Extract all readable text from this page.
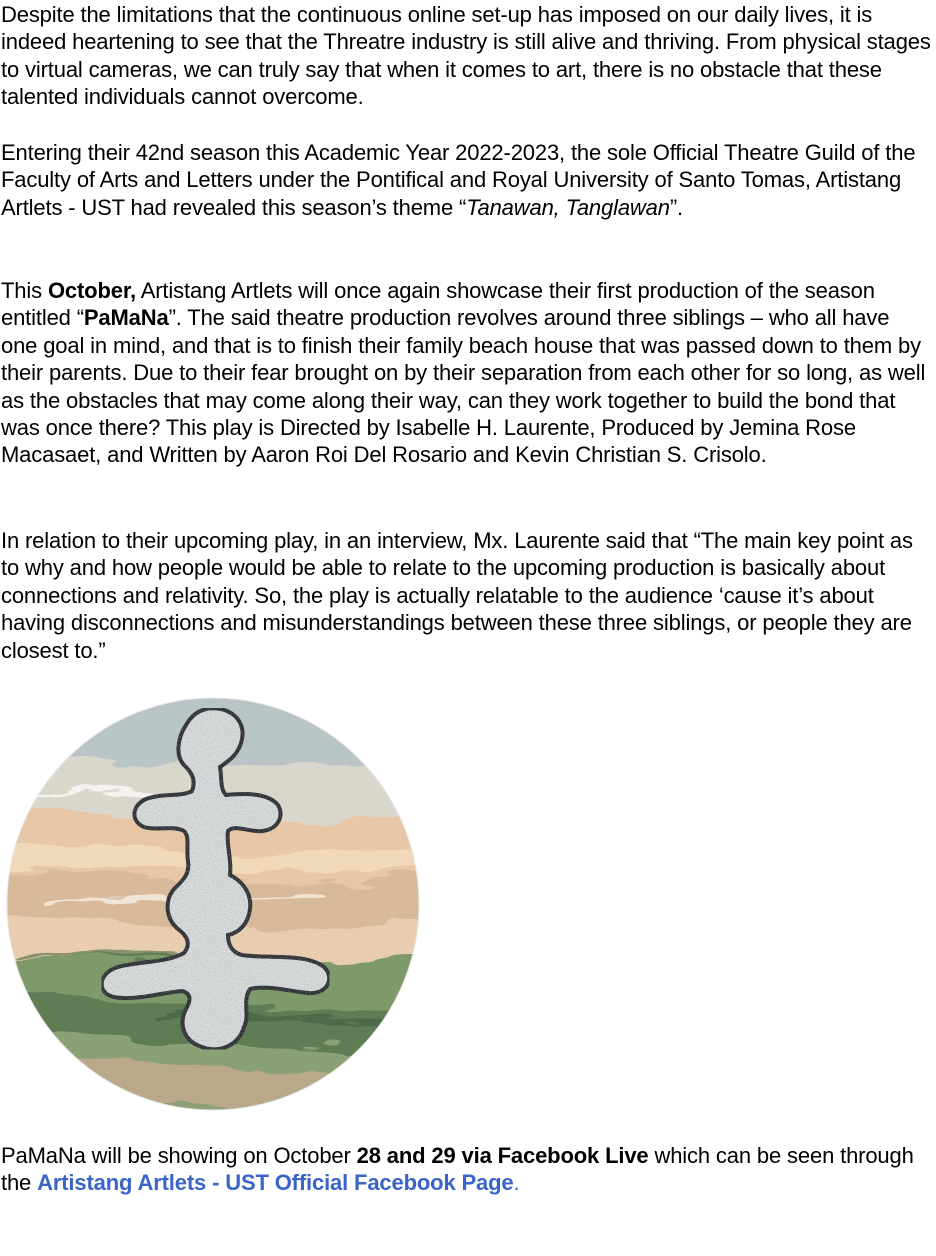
Despite the limitations that the continuous online set-up has imposed on our daily lives, it is indeed heartening to see that the Threatre industry is still alive and thriving. From physical stages to virtual cameras, we can truly say that when it comes to art, there is no obstacle that these talented individuals cannot overcome.

Entering their 42nd season this Academic Year 2022-2023, the sole Official Theatre Guild of the Faculty of Arts and Letters under the Pontifical and Royal University of Santo Tomas, Artistang Artlets - UST had revealed this season’s theme “Tanawan, Tanglawan”.

This October, Artistang Artlets will once again showcase their first production of the season entitled “PaMaNa”. The said theatre production revolves around three siblings – who all have one goal in mind, and that is to finish their family beach house that was passed down to them by their parents. Due to their fear brought on by their separation from each other for so long, as well as the obstacles that may come along their way, can they work together to build the bond that was once there? This play is Directed by Isabelle H. Laurente, Produced by Jemina Rose Macasaet, and Written by Aaron Roi Del Rosario and Kevin Christian S. Crisolo.

In relation to their upcoming play, in an interview, Mx. Laurente said that “The main key point as to why and how people would be able to relate to the upcoming production is basically about connections and relativity. So, the play is actually relatable to the audience ‘cause it’s about having disconnections and misunderstandings between these three siblings, or people they are closest to.”

PaMaNa will be showing on October 28 and 29 via Facebook Live which can be seen through the Artistang Artlets - UST Official Facebook Page.
